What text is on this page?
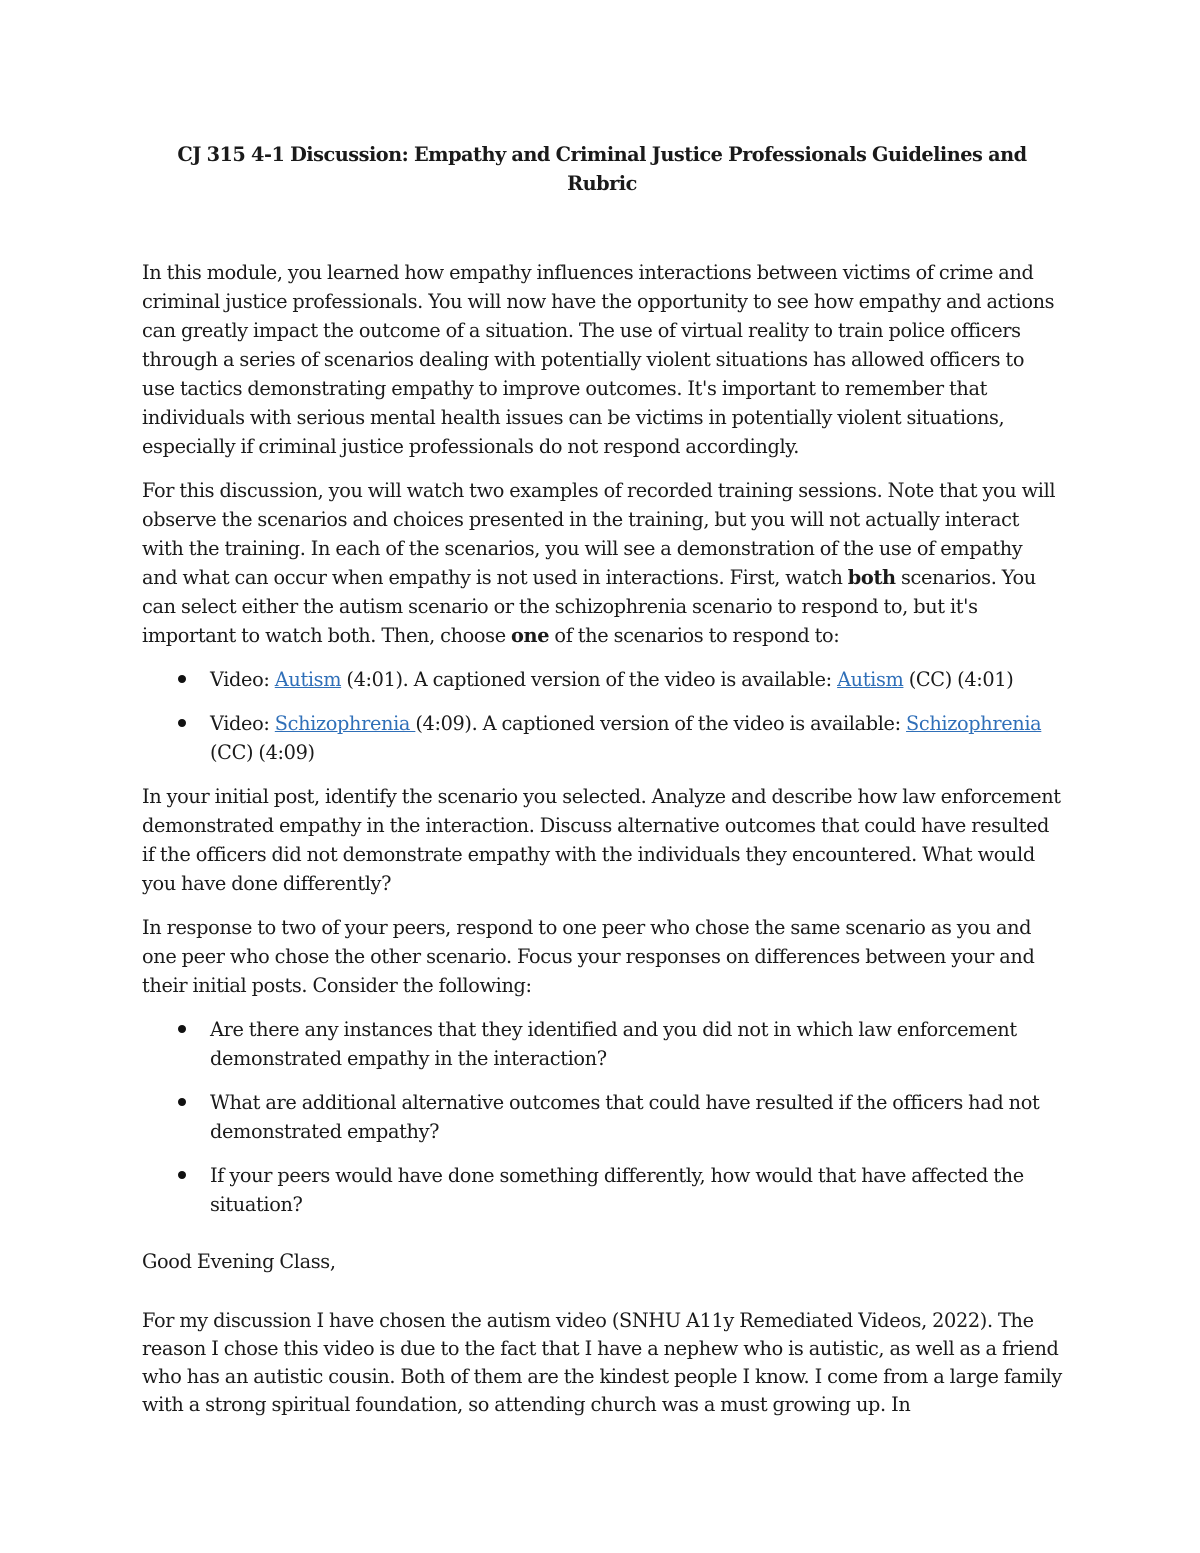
CJ 315 4-1 Discussion: Empathy and Criminal Justice Professionals Guidelines and Rubric

In this module, you learned how empathy influences interactions between victims of crime and criminal justice professionals. You will now have the opportunity to see how empathy and actions can greatly impact the outcome of a situation. The use of virtual reality to train police officers through a series of scenarios dealing with potentially violent situations has allowed officers to use tactics demonstrating empathy to improve outcomes. It's important to remember that individuals with serious mental health issues can be victims in potentially violent situations, especially if criminal justice professionals do not respond accordingly.

For this discussion, you will watch two examples of recorded training sessions. Note that you will observe the scenarios and choices presented in the training, but you will not actually interact with the training. In each of the scenarios, you will see a demonstration of the use of empathy and what can occur when empathy is not used in interactions. First, watch both scenarios. You can select either the autism scenario or the schizophrenia scenario to respond to, but it's important to watch both. Then, choose one of the scenarios to respond to:

Video: Autism (4:01). A captioned version of the video is available: Autism (CC) (4:01)
Video: Schizophrenia (4:09). A captioned version of the video is available: Schizophrenia (CC) (4:09)

In your initial post, identify the scenario you selected. Analyze and describe how law enforcement demonstrated empathy in the interaction. Discuss alternative outcomes that could have resulted if the officers did not demonstrate empathy with the individuals they encountered. What would you have done differently?

In response to two of your peers, respond to one peer who chose the same scenario as you and one peer who chose the other scenario. Focus your responses on differences between your and their initial posts. Consider the following:

Are there any instances that they identified and you did not in which law enforcement demonstrated empathy in the interaction?
What are additional alternative outcomes that could have resulted if the officers had not demonstrated empathy?
If your peers would have done something differently, how would that have affected the situation?

Good Evening Class,

For my discussion I have chosen the autism video (SNHU A11y Remediated Videos, 2022). The reason I chose this video is due to the fact that I have a nephew who is autistic, as well as a friend who has an autistic cousin. Both of them are the kindest people I know. I come from a large family with a strong spiritual foundation, so attending church was a must growing up. In
